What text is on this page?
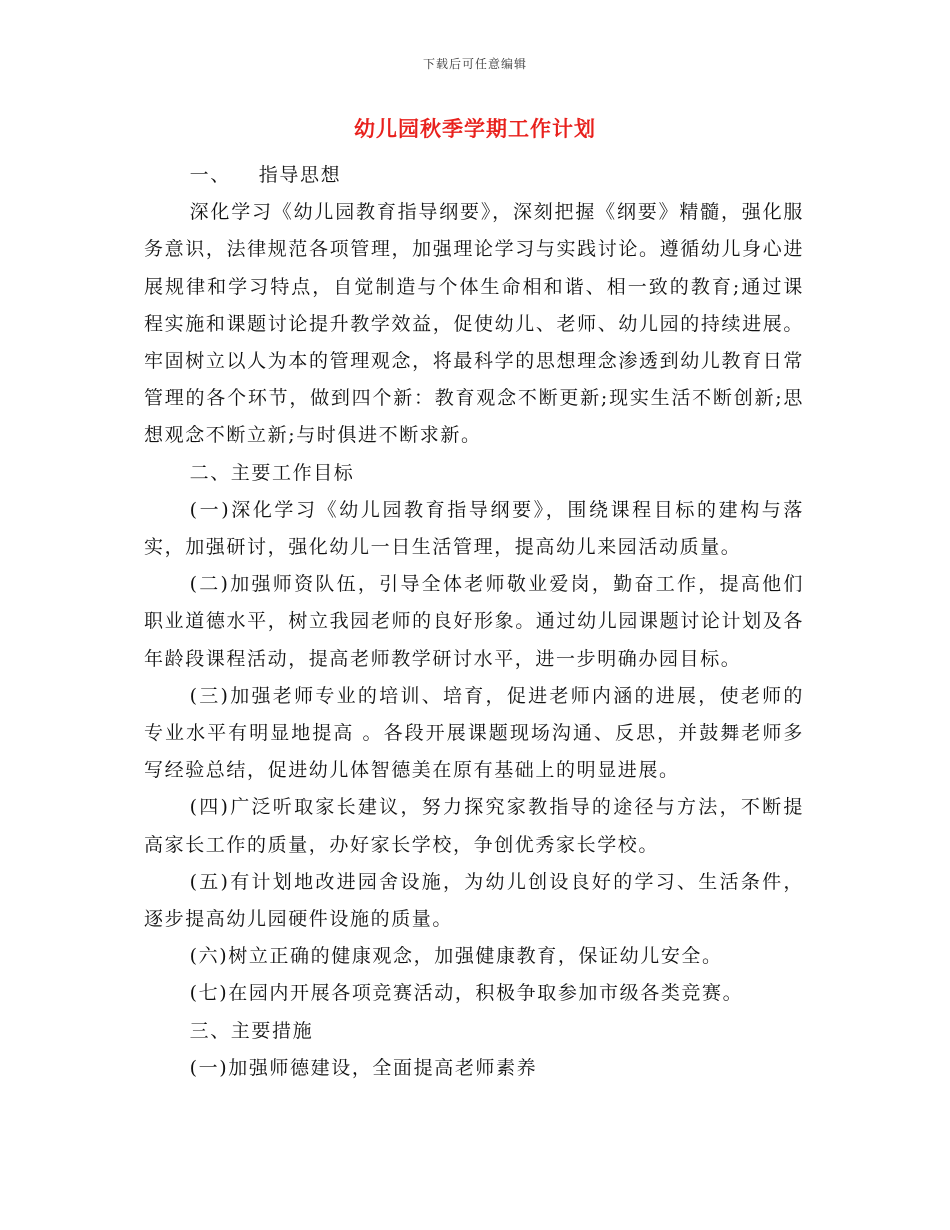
下载后可任意编辑
幼儿园秋季学期工作计划

一、 指导思想

深化学习《幼儿园教育指导纲要》，深刻把握《纲要》精髓，强化服务意识，法律规范各项管理，加强理论学习与实践讨论。遵循幼儿身心进展规律和学习特点，自觉制造与个体生命相和谐、相一致的教育;通过课程实施和课题讨论提升教学效益，促使幼儿、老师、幼儿园的持续进展。牢固树立以人为本的管理观念，将最科学的思想理念渗透到幼儿教育日常管理的各个环节，做到四个新：教育观念不断更新;现实生活不断创新;思想观念不断立新;与时俱进不断求新。

二、主要工作目标

(一)深化学习《幼儿园教育指导纲要》，围绕课程目标的建构与落实，加强研讨，强化幼儿一日生活管理，提高幼儿来园活动质量。

(二)加强师资队伍，引导全体老师敬业爱岗，勤奋工作，提高他们职业道德水平，树立我园老师的良好形象。通过幼儿园课题讨论计划及各年龄段课程活动，提高老师教学研讨水平，进一步明确办园目标。

(三)加强老师专业的培训、培育，促进老师内涵的进展，使老师的专业水平有明显地提高 。各段开展课题现场沟通、反思，并鼓舞老师多写经验总结，促进幼儿体智德美在原有基础上的明显进展。

(四)广泛听取家长建议，努力探究家教指导的途径与方法，不断提高家长工作的质量，办好家长学校，争创优秀家长学校。

(五)有计划地改进园舍设施，为幼儿创设良好的学习、生活条件，逐步提高幼儿园硬件设施的质量。

(六)树立正确的健康观念，加强健康教育，保证幼儿安全。

(七)在园内开展各项竞赛活动，积极争取参加市级各类竞赛。

三、主要措施

(一)加强师德建设，全面提高老师素养
